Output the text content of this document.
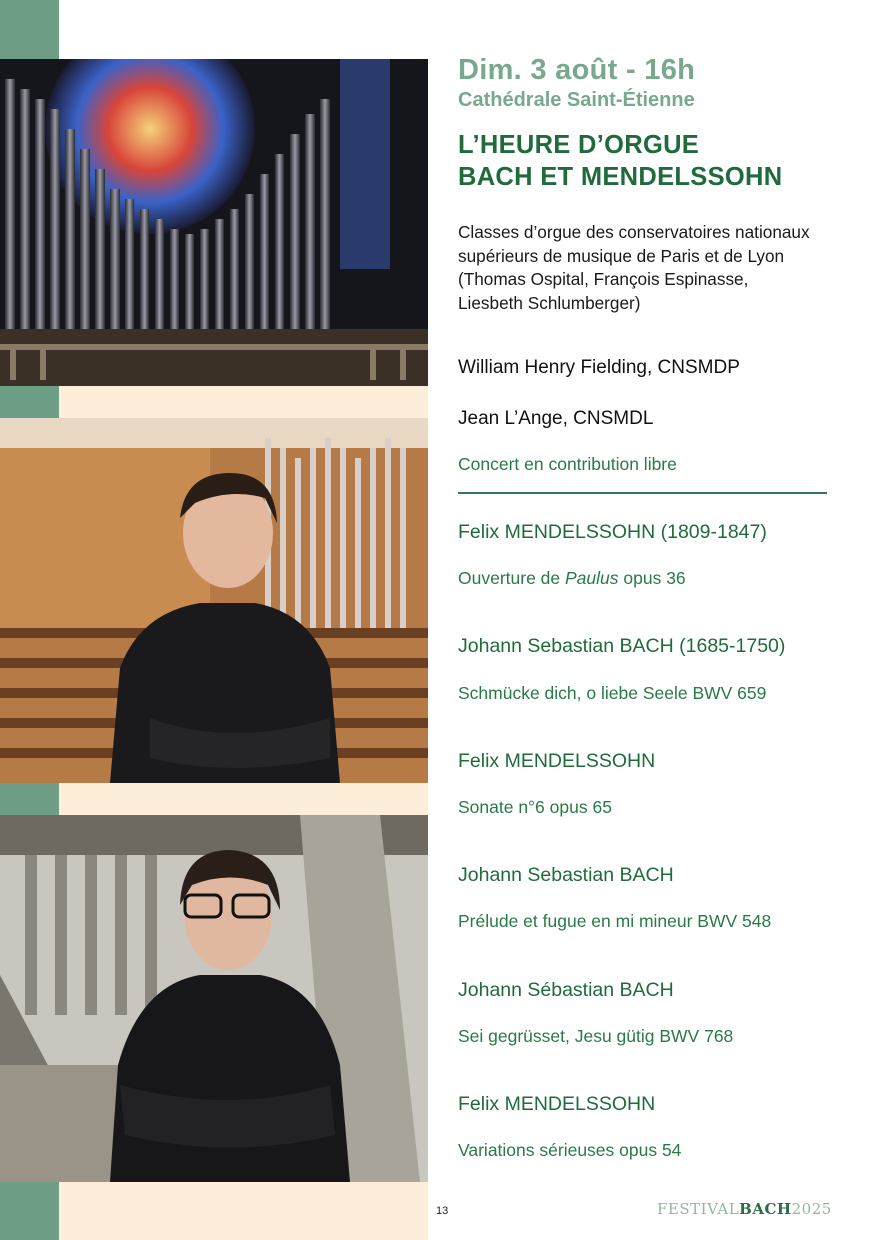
Dim. 3 août - 16h
Cathédrale Saint-Étienne
L’HEURE D’ORGUE
BACH ET MENDELSSOHN
Classes d’orgue des conservatoires nationaux supérieurs de musique de Paris et de Lyon (Thomas Ospital, François Espinasse, Liesbeth Schlumberger)
William Henry Fielding, CNSMDP
Jean L’Ange, CNSMDL
Concert en contribution libre
Felix MENDELSSOHN (1809-1847)
Ouverture de Paulus opus 36
Johann Sebastian BACH (1685-1750)
Schmücke dich, o liebe Seele BWV 659
Felix MENDELSSOHN
Sonate n°6 opus 65
Johann Sebastian BACH
Prélude et fugue en mi mineur BWV 548
Johann Sébastian BACH
Sei gegrüsset, Jesu gütig BWV 768
Felix MENDELSSOHN
Variations sérieuses opus 54
13	FESTIVALBACH2025
